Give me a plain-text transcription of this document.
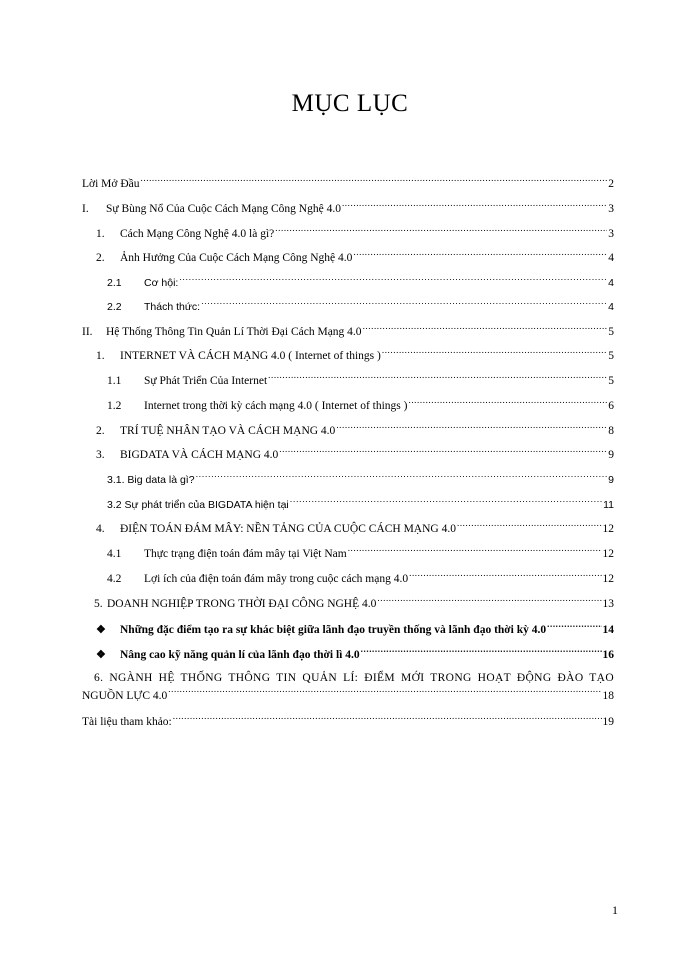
MỤC LỤC
Lời Mở Đầu .....	2
I.	Sự Bùng Nổ Của Cuộc Cách Mạng Công Nghệ 4.0 .....	3
1.	Cách Mạng Công Nghệ 4.0 là gì? .....	3
2.	Ảnh Hưởng Của Cuộc Cách Mạng Công Nghệ 4.0 .....	4
2.1	Cơ hội: .....	4
2.2	Thách thức: .....	4
II.	Hệ Thống Thông Tin Quản Lí Thời Đại Cách Mạng 4.0 .....	5
1.	INTERNET VÀ CÁCH MẠNG 4.0 ( Internet of things ) .....	5
1.1	Sự Phát Triển Của Internet .....	5
1.2	Internet trong thời kỳ cách mạng 4.0 ( Internet of things ) .....	6
2.	TRÍ TUỆ NHÂN TẠO VÀ CÁCH MẠNG 4.0 .....	8
3.	BIGDATA VÀ CÁCH MẠNG 4.0 .....	9
3.1. Big data là gì? .....	9
3.2 Sự phát triển của BIGDATA hiện tại .....	11
4.	ĐIỆN TOÁN ĐÁM MÂY: NỀN TẢNG CỦA CUỘC CÁCH MẠNG 4.0 .....	12
4.1	Thực trạng điện toán đám mây tại Việt Nam .....	12
4.2	Lợi ích của điện toán đám mây trong cuộc cách mạng 4.0 .....	12
5. DOANH NGHIỆP TRONG THỜI ĐẠI CÔNG NGHỆ 4.0 .....	13
❖	Những đặc điểm tạo ra sự khác biệt giữa lãnh đạo truyền thống và lãnh đạo thời kỳ 4.0 .....	14
❖	Nâng cao kỹ năng quản lí của lãnh đạo thời lì 4.0 .....	16
6. NGÀNH HỆ THỐNG THÔNG TIN QUẢN LÍ: ĐIỂM MỚI TRONG HOẠT ĐỘNG ĐÀO TẠO
NGUỒN LỰC 4.0 .....	18
Tài liệu tham khảo: .....	19
1
